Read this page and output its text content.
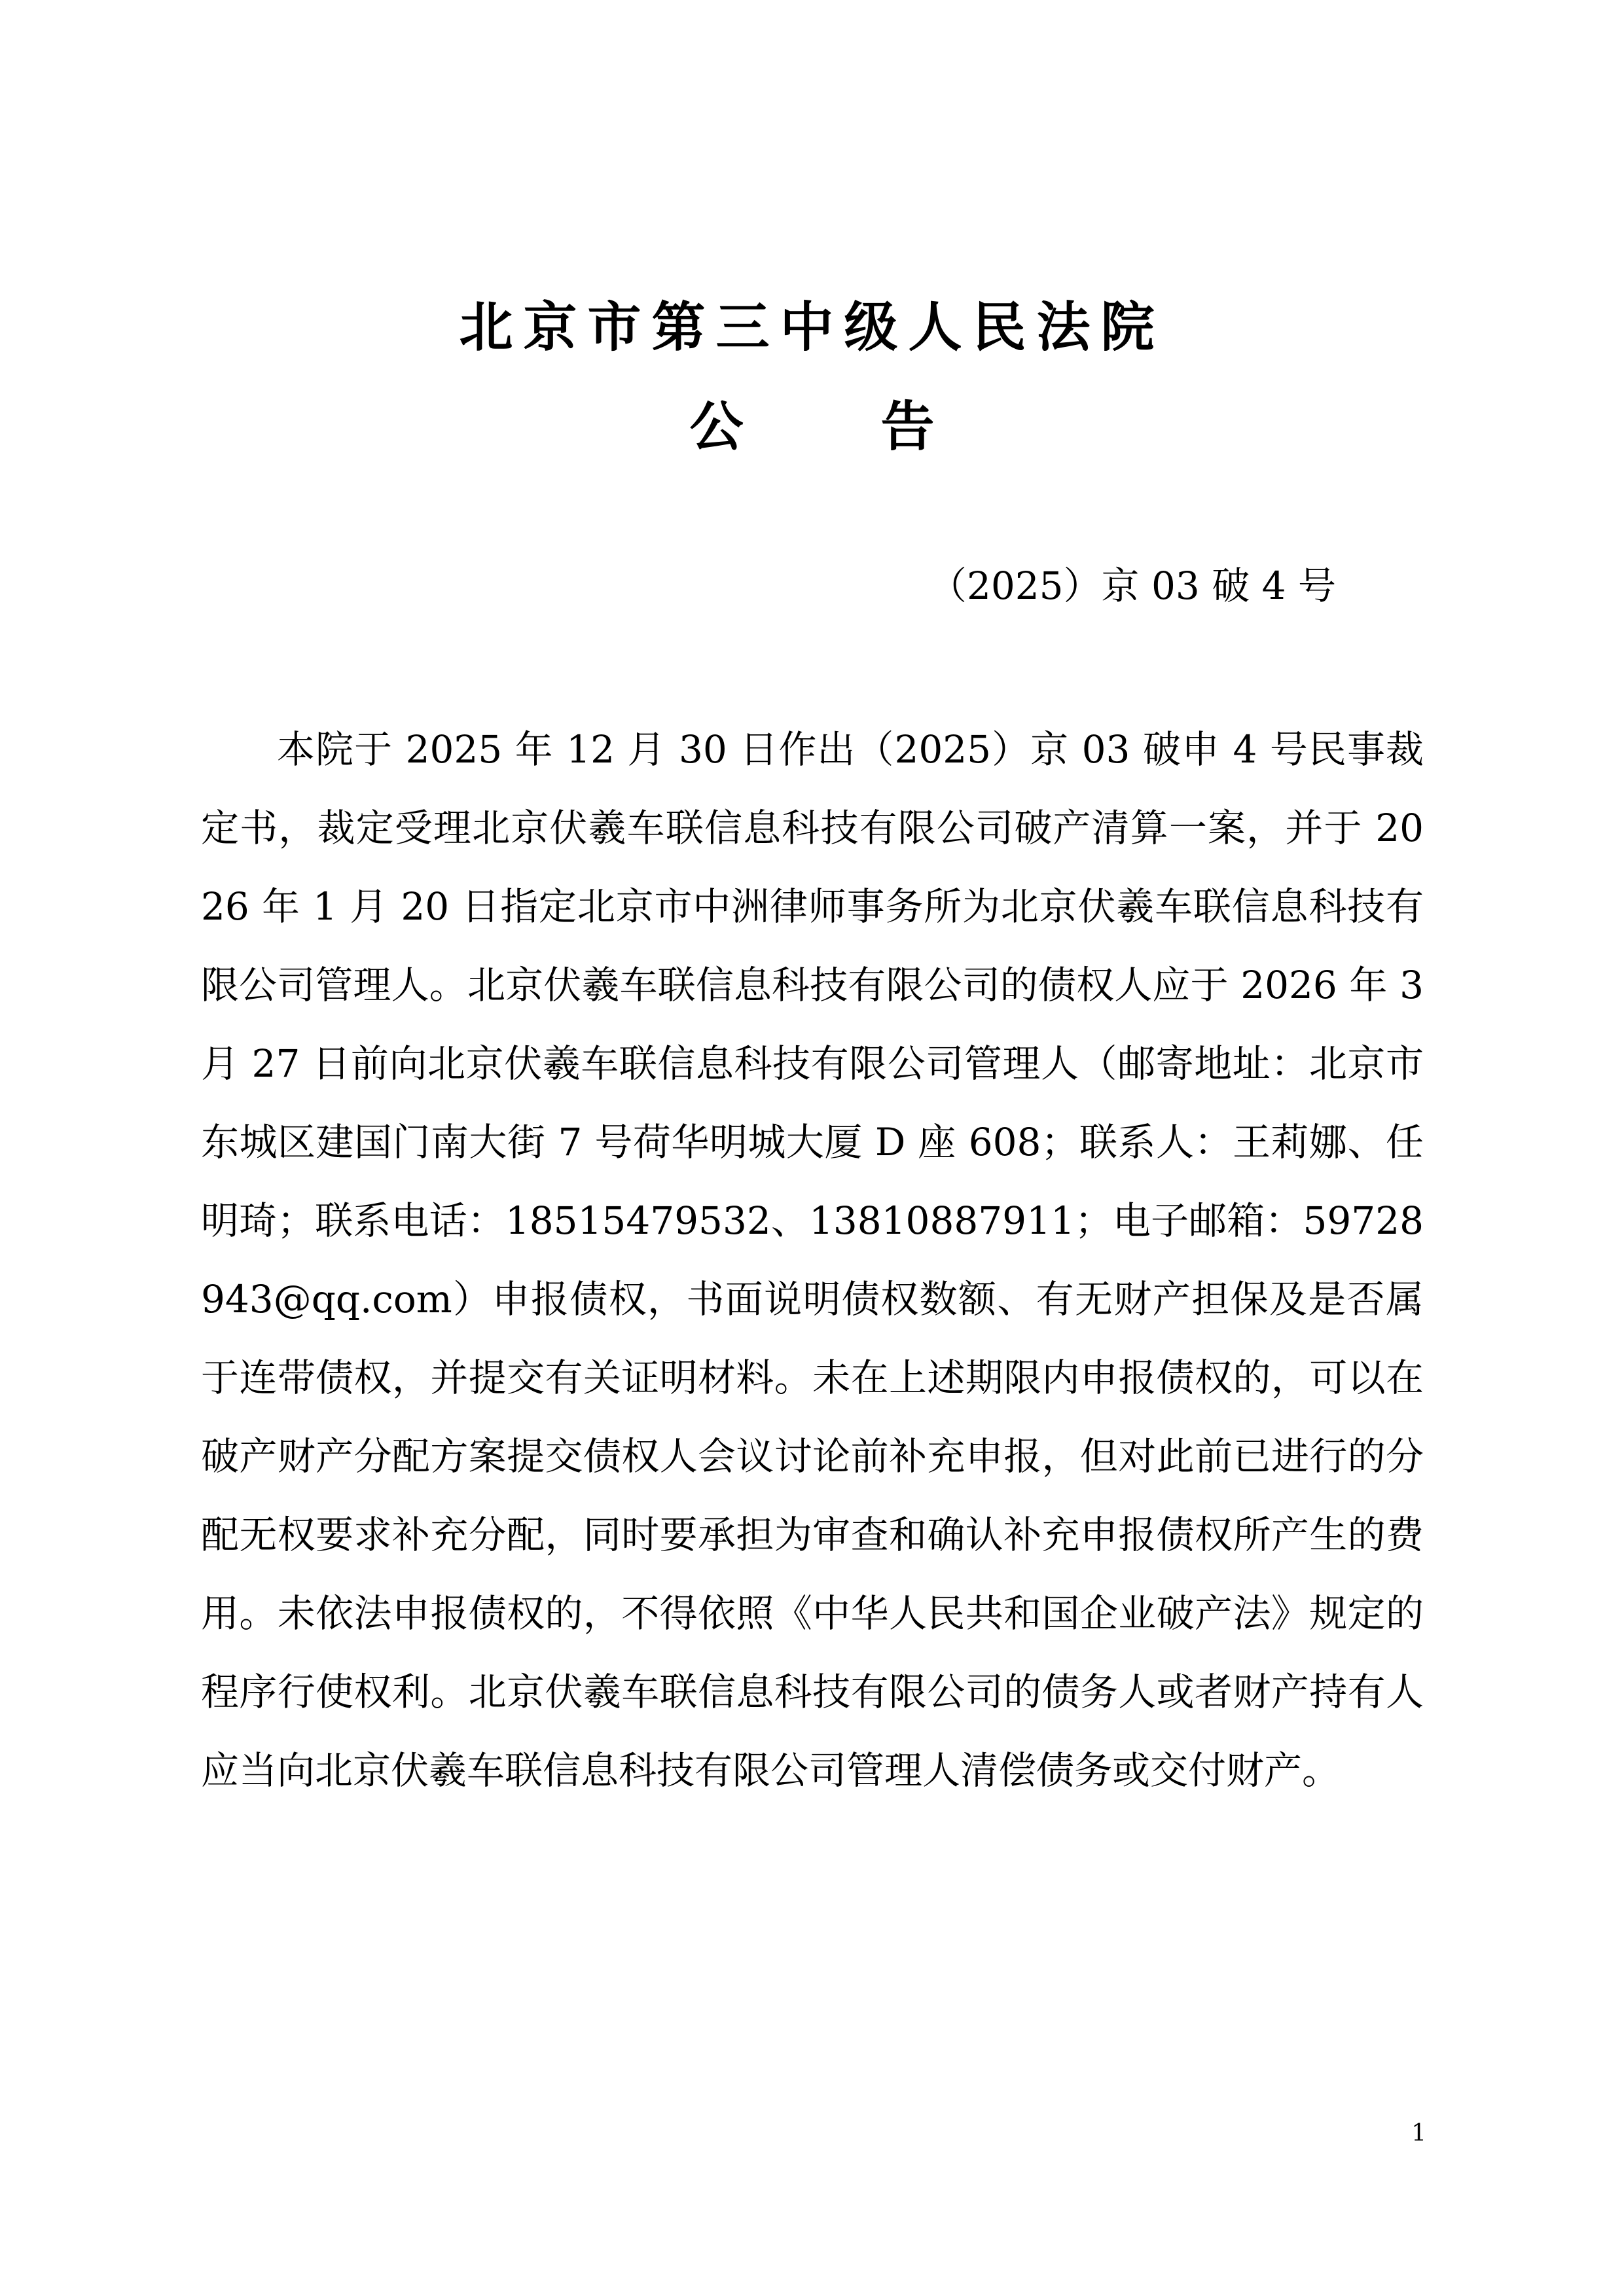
北京市第三中级人民法院
公	告
（2025）京 03 破 4 号

本院于 2025 年 12 月 30 日作出（2025）京 03 破申 4 号民事裁定书，裁定受理北京伏羲车联信息科技有限公司破产清算一案，并于 2026 年 1 月 20 日指定北京市中洲律师事务所为北京伏羲车联信息科技有限公司管理人。北京伏羲车联信息科技有限公司的债权人应于 2026 年 3 月 27 日前向北京伏羲车联信息科技有限公司管理人（邮寄地址：北京市东城区建国门南大街 7 号荷华明城大厦 D 座 608；联系人：王莉娜、任明琦；联系电话：18515479532、13810887911；电子邮箱：59728943@qq.com）申报债权，书面说明债权数额、有无财产担保及是否属于连带债权，并提交有关证明材料。未在上述期限内申报债权的，可以在破产财产分配方案提交债权人会议讨论前补充申报，但对此前已进行的分配无权要求补充分配，同时要承担为审查和确认补充申报债权所产生的费用。未依法申报债权的，不得依照《中华人民共和国企业破产法》规定的程序行使权利。北京伏羲车联信息科技有限公司的债务人或者财产持有人应当向北京伏羲车联信息科技有限公司管理人清偿债务或交付财产。

1
